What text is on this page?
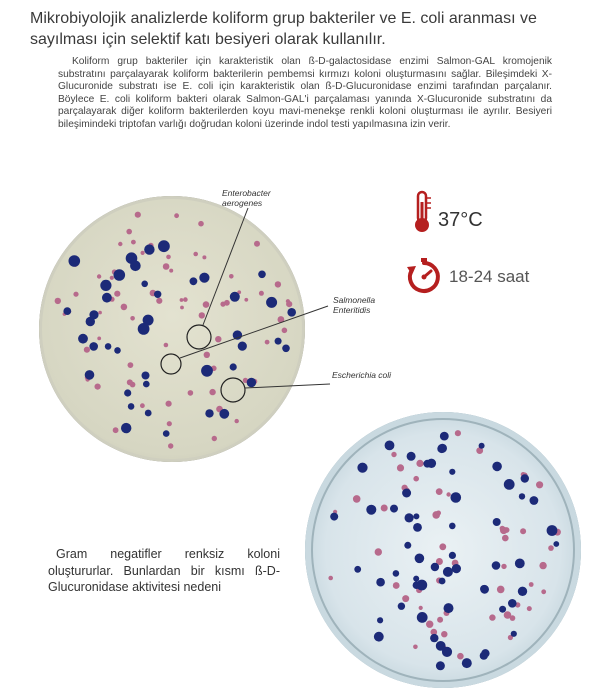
Mikrobiyolojik analizlerde koliform grup bakteriler ve E. coli aranması ve sayılması için selektif katı besiyeri olarak kullanılır.
Koliform grup bakteriler için karakteristik olan ß-D-galactosidase enzimi Salmon-GAL kromojenik substratını parçalayarak koliform bakterilerin pembemsi kırmızı koloni oluşturmasını sağlar. Bileşimdeki X-Glucuronide substratı ise E. coli için karakteristik olan ß-D-Glucuronidase enzimi tarafından parçalanır. Böylece E. coli koliform bakteri olarak Salmon-GAL'i parçalaması yanında X-Glucuronide substratını da parçalayarak diğer koliform bakterilerden koyu mavi-menekşe renkli koloni oluşturması ile ayrılır. Besiyeri bileşimindeki triptofan varlığı doğrudan koloni üzerinde indol testi yapılmasına izin verir.
Enterobacter aerogenes
Salmonella Enteritidis
Escherichia coli
37°C
18-24 saat
Gram negatifler renksiz koloni oluştururlar. Bunlardan bir kısmı ß-D-Glucuronidase aktivitesi nedeni
